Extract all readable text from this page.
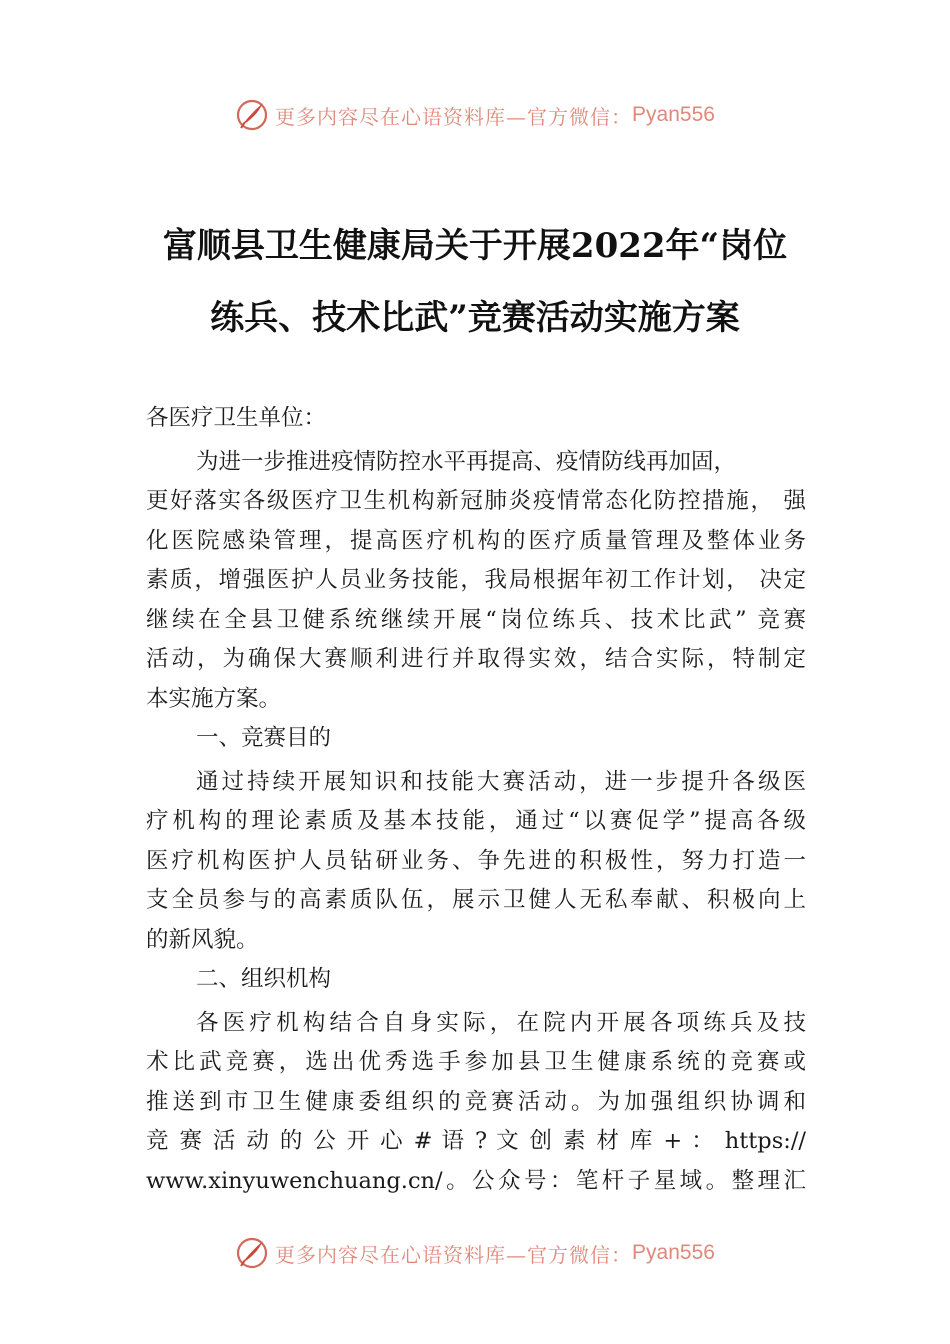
更多内容尽在心语资料库—官方微信： Pyan556
富顺县卫生健康局关于开展2022年“岗位
练兵、技术比武”竞赛活动实施方案
各医疗卫生单位：
为进一步推进疫情防控水平再提高、疫情防线再加固，
更好落实各级医疗卫生机构新冠肺炎疫情常态化防控措施， 强
化医院感染管理，提高医疗机构的医疗质量管理及整体业务
素质，增强医护人员业务技能，我局根据年初工作计划， 决定
继续在全县卫健系统继续开展“岗位练兵、技术比武” 竞赛
活动，为确保大赛顺利进行并取得实效，结合实际，特制定
本实施方案。
一、竞赛目的
通过持续开展知识和技能大赛活动，进一步提升各级医
疗机构的理论素质及基本技能，通过“以赛促学”提高各级
医疗机构医护人员钻研业务、争先进的积极性，努力打造一
支全员参与的高素质队伍，展示卫健人无私奉献、积极向上
的新风貌。
二、组织机构
各医疗机构结合自身实际，在院内开展各项练兵及技
术比武竞赛，选出优秀选手参加县卫生健康系统的竞赛或
推送到市卫生健康委组织的竞赛活动。为加强组织协调和
竞 赛 活 动 的 公 开 心 # 语 ? 文 创 素 材 库 + ： https://
www.xinyuwenchuang.cn/。公众号：笔杆子星域。整理汇
更多内容尽在心语资料库—官方微信： Pyan556
